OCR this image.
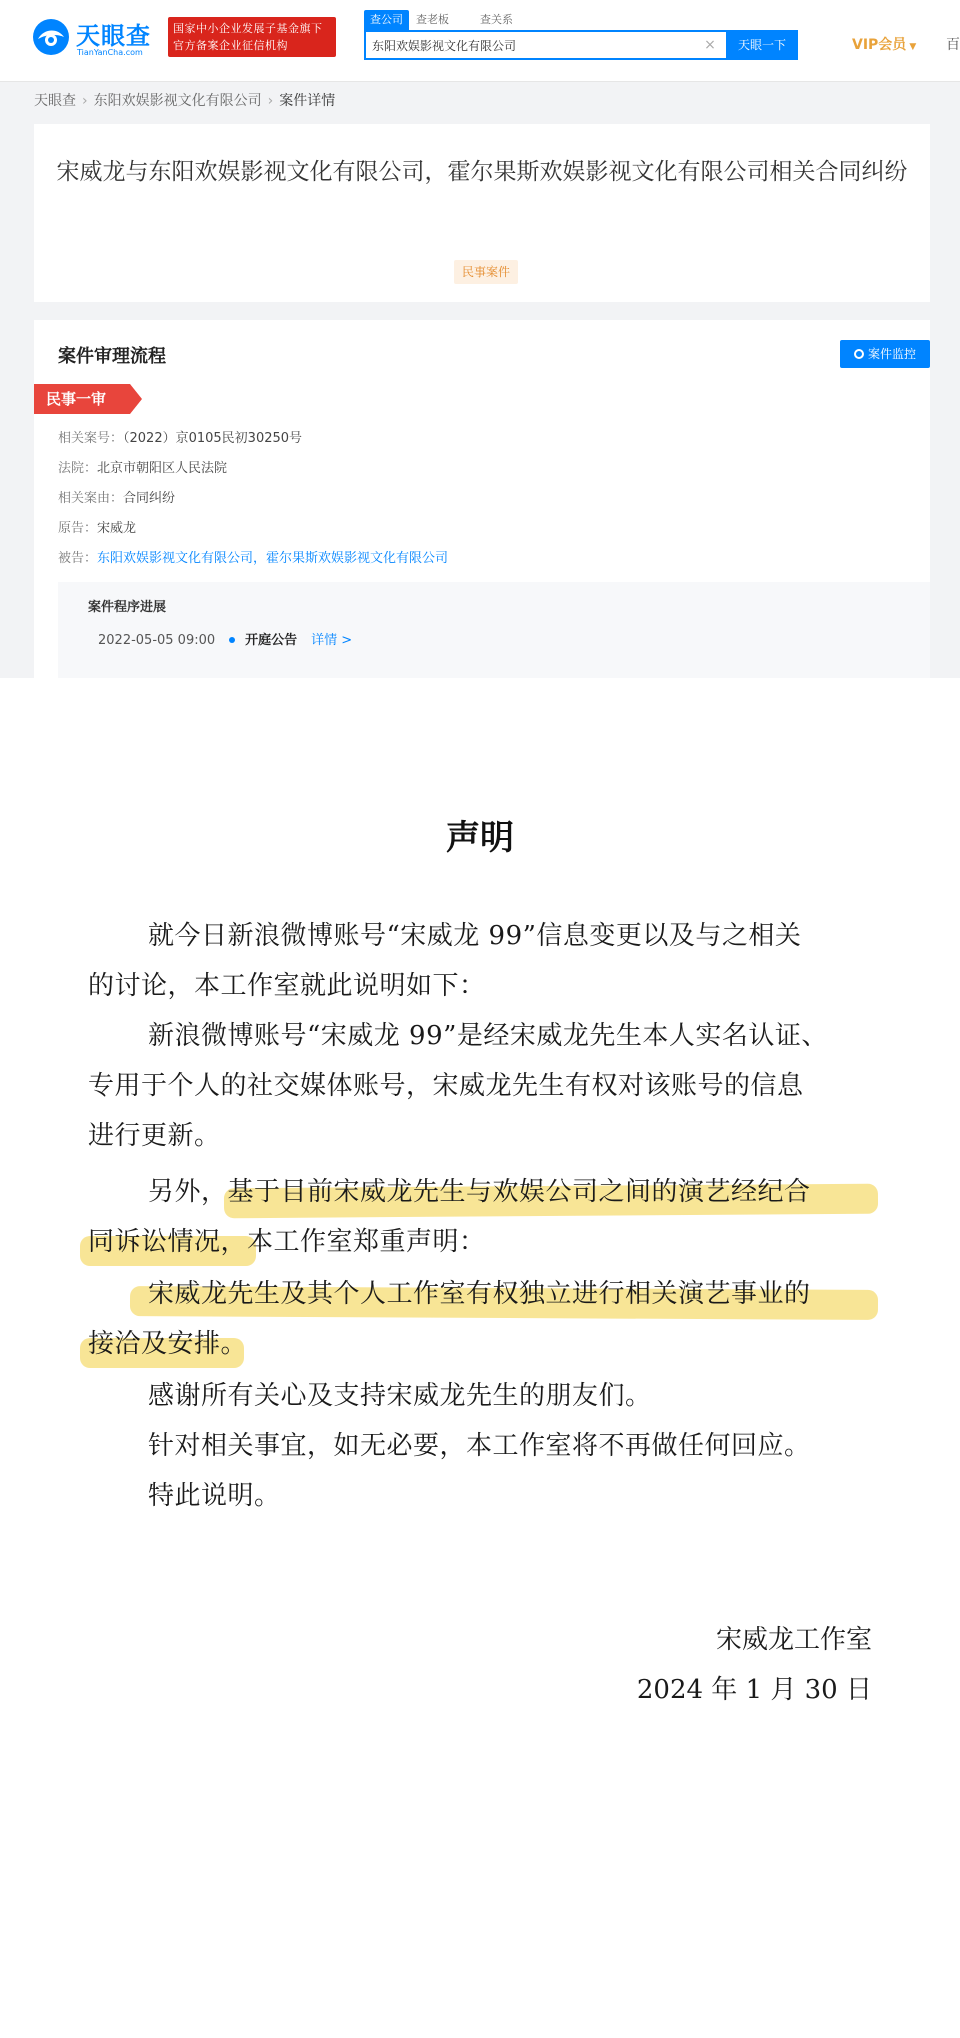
天眼查
TianYanCha.com
国家中小企业发展子基金旗下
官方备案企业征信机构
查公司	查老板	查关系
东阳欢娱影视文化有限公司
×	天眼一下	VIP会员 ▼ 百
天眼查 › 东阳欢娱影视文化有限公司 › 案件详情
宋威龙与东阳欢娱影视文化有限公司，霍尔果斯欢娱影视文化有限公司相关合同纠纷
民事案件
案件审理流程	案件监控
民事一审
相关案号：（2022）京0105民初30250号
法院：北京市朝阳区人民法院
相关案由：合同纠纷
原告：宋威龙
被告：东阳欢娱影视文化有限公司，霍尔果斯欢娱影视文化有限公司
案件程序进展
2022-05-05 09:00 开庭公告 详情 >
声明
就今日新浪微博账号“宋威龙 99”信息变更以及与之相关
的讨论，本工作室就此说明如下：
新浪微博账号“宋威龙 99”是经宋威龙先生本人实名认证、
专用于个人的社交媒体账号，宋威龙先生有权对该账号的信息
进行更新。
另外，基于目前宋威龙先生与欢娱公司之间的演艺经纪合
同诉讼情况，本工作室郑重声明：
宋威龙先生及其个人工作室有权独立进行相关演艺事业的
接洽及安排。
感谢所有关心及支持宋威龙先生的朋友们。
针对相关事宜，如无必要，本工作室将不再做任何回应。
特此说明。
宋威龙工作室
2024 年 1 月 30 日
